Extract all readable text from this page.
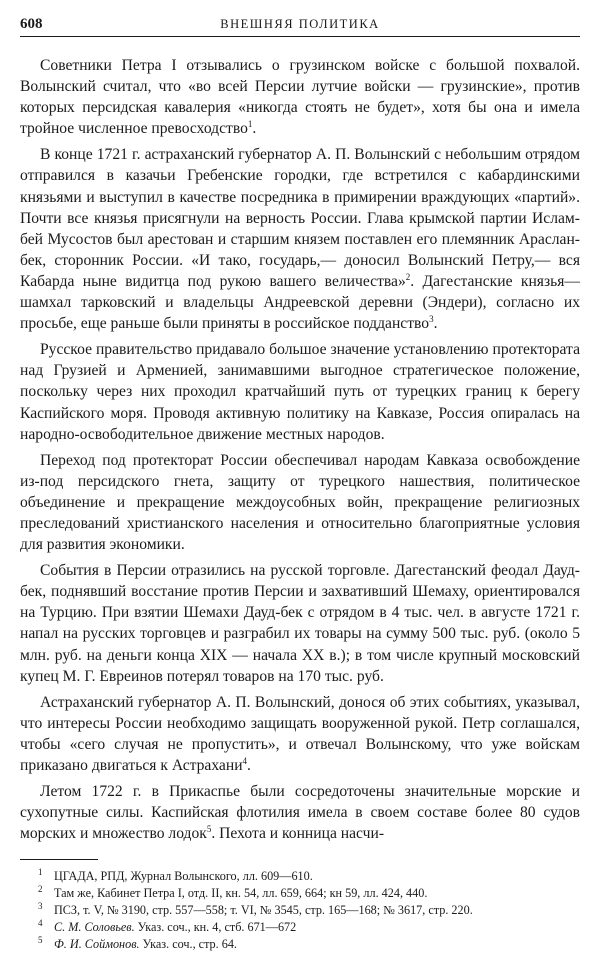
608	ВНЕШНЯЯ ПОЛИТИКА

Советники Петра I отзывались о грузинском войске с большой похвалой. Волынский считал, что «во всей Персии лутчие войски — грузинские», против которых персидская кавалерия «никогда стоять не будет», хотя бы она и имела тройное численное превосходство$^1$.

В конце 1721 г. астраханский губернатор А. П. Волынский с небольшим отрядом отправился в казачьи Гребенские городки, где встретился с кабардинскими князьями и выступил в качестве посредника в примирении враждующих «партий». Почти все князья присягнули на верность России. Глава крымской партии Ислам-бей Мусостов был арестован и старшим князем поставлен его племянник Араслан-бек, сторонник России. «И тако, государь,— доносил Волынский Петру,— вся Кабарда ныне видитца под рукою вашего величества»$^2$. Дагестанские князья— шамхал тарковский и владельцы Андреевской деревни (Эндери), согласно их просьбе, еще раньше были приняты в российское подданство$^3$.

Русское правительство придавало большое значение установлению протектората над Грузией и Арменией, занимавшими выгодное стратегическое положение, поскольку через них проходил кратчайший путь от турецких границ к берегу Каспийского моря. Проводя активную политику на Кавказе, Россия опиралась на народно-освободительное движение местных народов.

Переход под протекторат России обеспечивал народам Кавказа освобождение из-под персидского гнета, защиту от турецкого нашествия, политическое объединение и прекращение междоусобных войн, прекращение религиозных преследований христианского населения и относительно благоприятные условия для развития экономики.

События в Персии отразились на русской торговле. Дагестанский феодал Дауд-бек, поднявший восстание против Персии и захвативший Шемаху, ориентировался на Турцию. При взятии Шемахи Дауд-бек с отрядом в 4 тыс. чел. в августе 1721 г. напал на русских торговцев и разграбил их товары на сумму 500 тыс. руб. (около 5 млн. руб. на деньги конца XIX — начала XX в.); в том числе крупный московский купец М. Г. Евреинов потерял товаров на 170 тыс. руб.

Астраханский губернатор А. П. Волынский, донося об этих событиях, указывал, что интересы России необходимо защищать вооруженной рукой. Петр соглашался, чтобы «сего случая не пропустить», и отвечал Волынскому, что уже войскам приказано двигаться к Астрахани$^4$.

Летом 1722 г. в Прикаспье были сосредоточены значительные морские и сухопутные силы. Каспийская флотилия имела в своем составе более 80 судов морских и множество лодок$^5$. Пехота и конница насчи-

1 ЦГАДА, РПД, Журнал Волынского, лл. 609—610.
2 Там же, Кабинет Петра I, отд. II, кн. 54, лл. 659, 664; кн 59, лл. 424, 440.
3 ПСЗ, т. V, № 3190, стр. 557—558; т. VI, № 3545, стр. 165—168; № 3617, стр. 220.
4 С. М. Соловьев. Указ. соч., кн. 4, стб. 671—672
5 Ф. И. Соймонов. Указ. соч., стр. 64.
